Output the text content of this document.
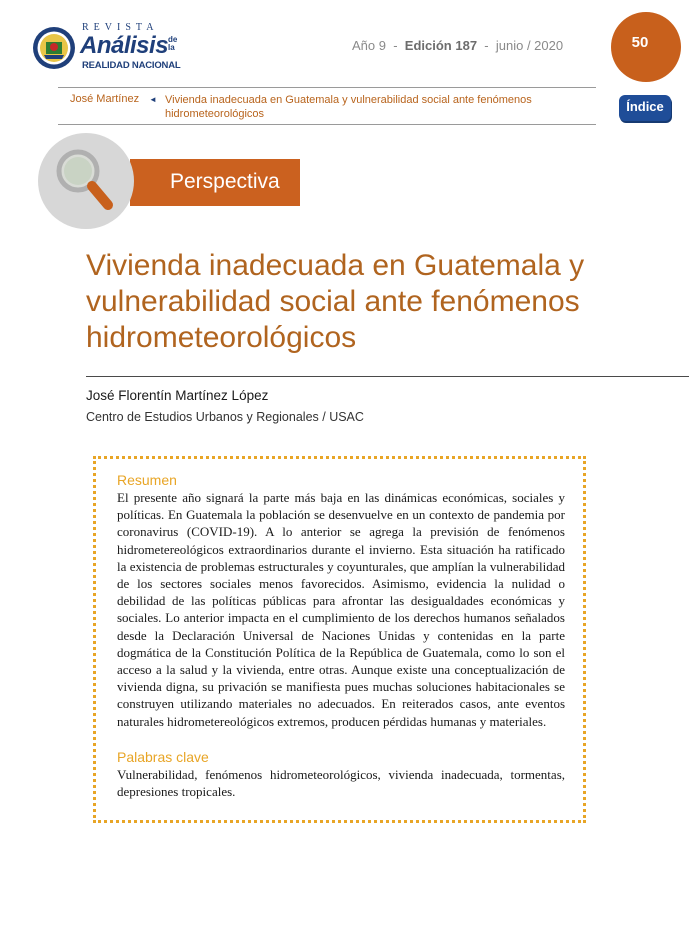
REVISTA
Análisis de la
REALIDAD NACIONAL
Año 9 - Edición 187 - junio / 2020	50
José Martínez ◄ Vivienda inadecuada en Guatemala y vulnerabilidad social ante fenómenos hidrometeorológicos	Índice
Perspectiva
Vivienda inadecuada en Guatemala y vulnerabilidad social ante fenómenos hidrometeorológicos
José Florentín Martínez López
Centro de Estudios Urbanos y Regionales / USAC
Resumen
El presente año signará la parte más baja en las dinámicas económicas, sociales y políticas. En Guatemala la población se desenvuelve en un contexto de pandemia por coronavirus (COVID-19). A lo anterior se agrega la previsión de fenómenos hidrometereológicos extraordinarios durante el invierno. Esta situación ha ratificado la existencia de problemas estructurales y coyunturales, que amplían la vulnerabilidad de los sectores sociales menos favorecidos. Asimismo, evidencia la nulidad o debilidad de las políticas públicas para afrontar las desigualdades económicas y sociales. Lo anterior impacta en el cumplimiento de los derechos humanos señalados desde la Declaración Universal de Naciones Unidas y contenidas en la parte dogmática de la Constitución Política de la República de Guatemala, como lo son el acceso a la salud y la vivienda, entre otras. Aunque existe una conceptualización de vivienda digna, su privación se manifiesta pues muchas soluciones habitacionales se construyen utilizando materiales no adecuados. En reiterados casos, ante eventos naturales hidrometereológicos extremos, producen pérdidas humanas y materiales.
Palabras clave
Vulnerabilidad, fenómenos hidrometeorológicos, vivienda inadecuada, tormentas, depresiones tropicales.
